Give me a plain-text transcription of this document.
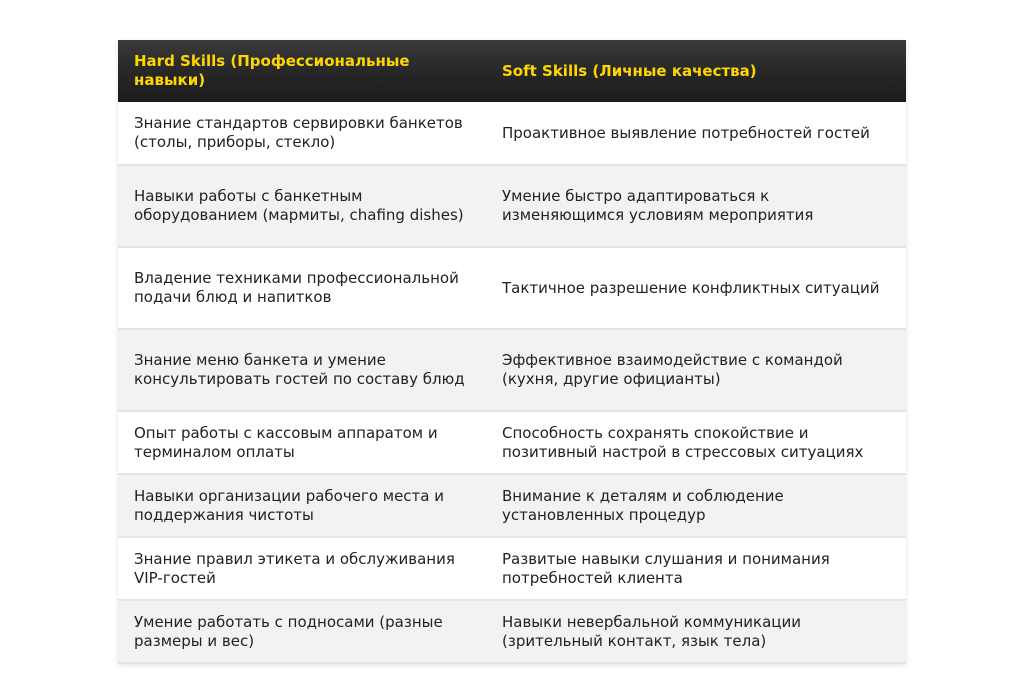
Hard Skills (Профессиональные навыки)	Soft Skills (Личные качества)
Знание стандартов сервировки банкетов (столы, приборы, стекло)	Проактивное выявление потребностей гостей
Навыки работы с банкетным оборудованием (мармиты, chafing dishes)	Умение быстро адаптироваться к изменяющимся условиям мероприятия
Владение техниками профессиональной подачи блюд и напитков	Тактичное разрешение конфликтных ситуаций
Знание меню банкета и умение консультировать гостей по составу блюд	Эффективное взаимодействие с командой (кухня, другие официанты)
Опыт работы с кассовым аппаратом и терминалом оплаты	Способность сохранять спокойствие и позитивный настрой в стрессовых ситуациях
Навыки организации рабочего места и поддержания чистоты	Внимание к деталям и соблюдение установленных процедур
Знание правил этикета и обслуживания VIP-гостей	Развитые навыки слушания и понимания потребностей клиента
Умение работать с подносами (разные размеры и вес)	Навыки невербальной коммуникации (зрительный контакт, язык тела)
